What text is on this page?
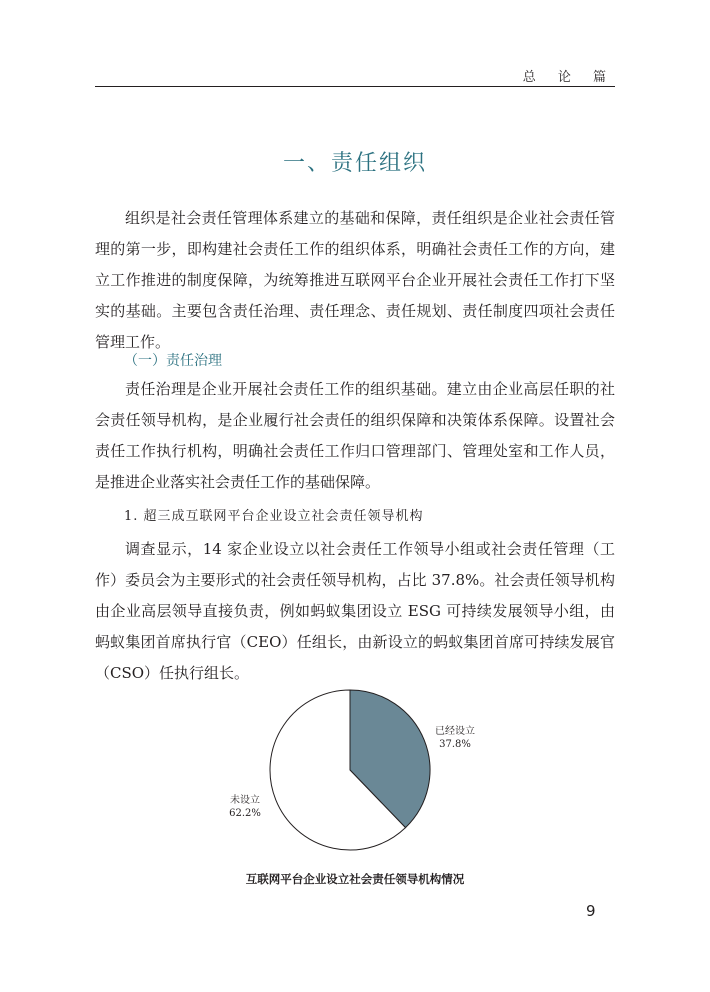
总 论 篇
一、责任组织

组织是社会责任管理体系建立的基础和保障，责任组织是企业社会责任管理的第一步，即构建社会责任工作的组织体系，明确社会责任工作的方向，建立工作推进的制度保障，为统筹推进互联网平台企业开展社会责任工作打下坚实的基础。主要包含责任治理、责任理念、责任规划、责任制度四项社会责任管理工作。

（一）责任治理

责任治理是企业开展社会责任工作的组织基础。建立由企业高层任职的社会责任领导机构，是企业履行社会责任的组织保障和决策体系保障。设置社会责任工作执行机构，明确社会责任工作归口管理部门、管理处室和工作人员，是推进企业落实社会责任工作的基础保障。

1. 超三成互联网平台企业设立社会责任领导机构

调查显示，14 家企业设立以社会责任工作领导小组或社会责任管理（工作）委员会为主要形式的社会责任领导机构，占比 37.8%。社会责任领导机构由企业高层领导直接负责，例如蚂蚁集团设立 ESG 可持续发展领导小组，由蚂蚁集团首席执行官（CEO）任组长，由新设立的蚂蚁集团首席可持续发展官（CSO）任执行组长。

已经设立
37.8%
未设立
62.2%
互联网平台企业设立社会责任领导机构情况
9
